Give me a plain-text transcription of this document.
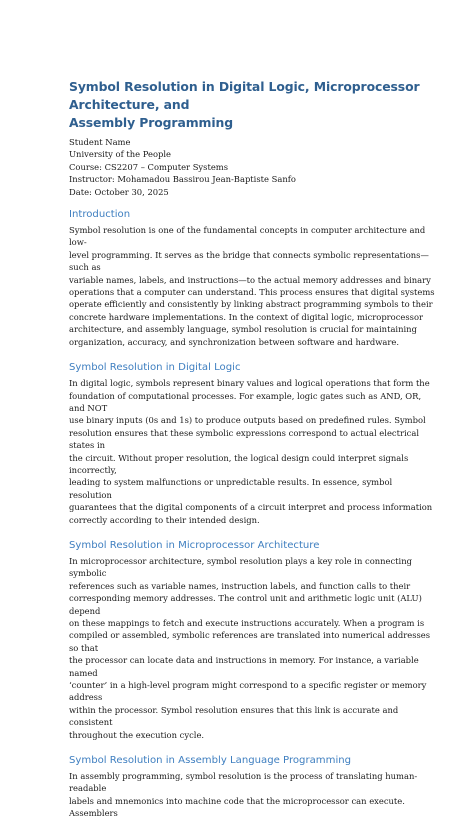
Symbol Resolution in Digital Logic, Microprocessor Architecture, and
Assembly Programming

Student Name

University of the People

Course: CS2207 – Computer Systems

Instructor: Mohamadou Bassirou Jean-Baptiste Sanfo

Date: October 30, 2025

Introduction
Symbol resolution is one of the fundamental concepts in computer architecture and low-
level programming. It serves as the bridge that connects symbolic representations—such as
variable names, labels, and instructions—to the actual memory addresses and binary
operations that a computer can understand. This process ensures that digital systems
operate efficiently and consistently by linking abstract programming symbols to their
concrete hardware implementations. In the context of digital logic, microprocessor
architecture, and assembly language, symbol resolution is crucial for maintaining
organization, accuracy, and synchronization between software and hardware.
Symbol Resolution in Digital Logic
In digital logic, symbols represent binary values and logical operations that form the
foundation of computational processes. For example, logic gates such as AND, OR, and NOT
use binary inputs (0s and 1s) to produce outputs based on predefined rules. Symbol
resolution ensures that these symbolic expressions correspond to actual electrical states in
the circuit. Without proper resolution, the logical design could interpret signals incorrectly,
leading to system malfunctions or unpredictable results. In essence, symbol resolution
guarantees that the digital components of a circuit interpret and process information
correctly according to their intended design.
Symbol Resolution in Microprocessor Architecture
In microprocessor architecture, symbol resolution plays a key role in connecting symbolic
references such as variable names, instruction labels, and function calls to their
corresponding memory addresses. The control unit and arithmetic logic unit (ALU) depend
on these mappings to fetch and execute instructions accurately. When a program is
compiled or assembled, symbolic references are translated into numerical addresses so that
the processor can locate data and instructions in memory. For instance, a variable named
‘counter’ in a high-level program might correspond to a specific register or memory address
within the processor. Symbol resolution ensures that this link is accurate and consistent
throughout the execution cycle.
Symbol Resolution in Assembly Language Programming
In assembly programming, symbol resolution is the process of translating human-readable
labels and mnemonics into machine code that the microprocessor can execute. Assemblers
